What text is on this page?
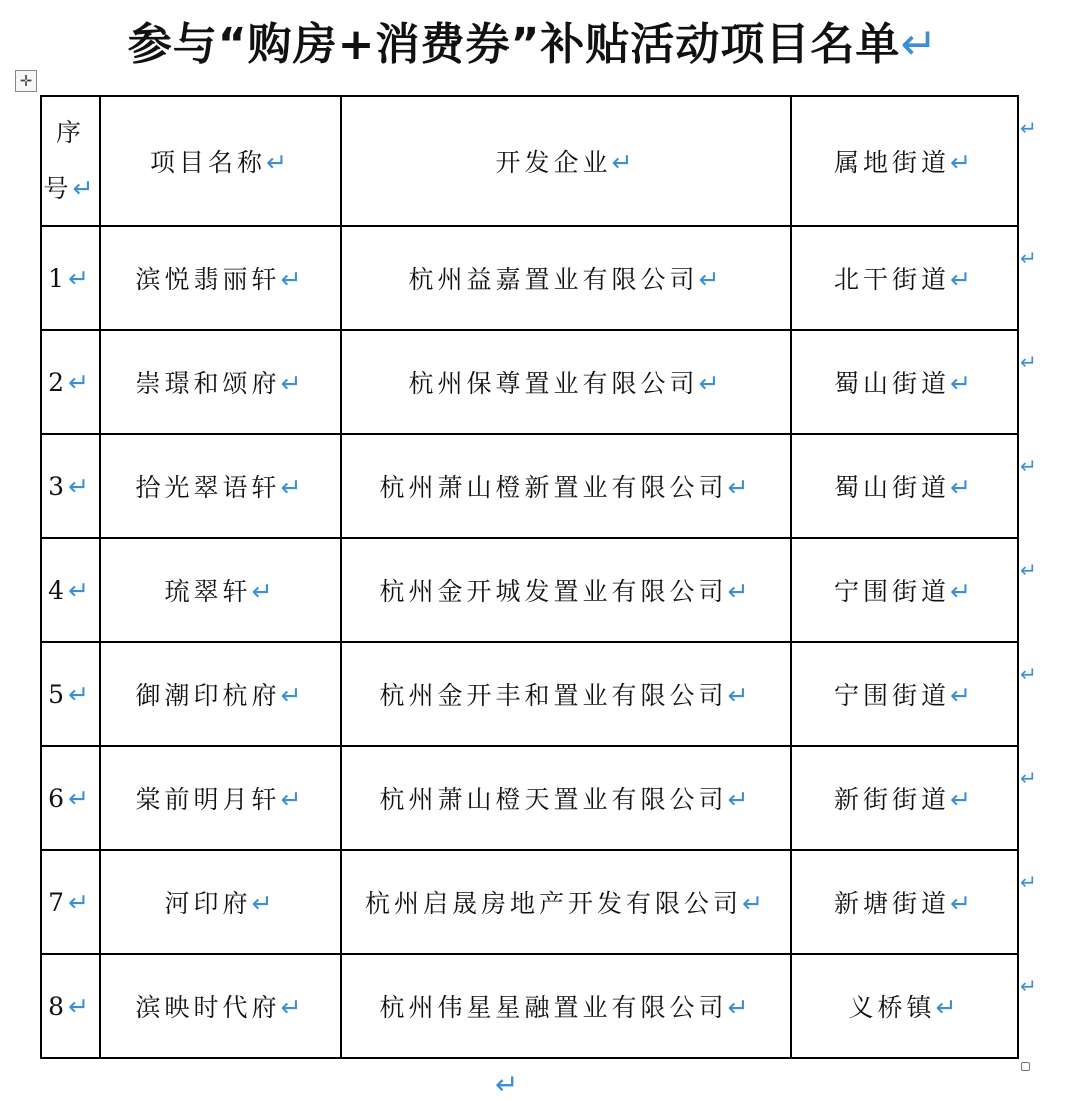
参与“购房+消费券”补贴活动项目名单↵
✛
序
号↵	项目名称↵	开发企业↵	属地街道↵
1↵	滨悦翡丽轩↵	杭州益嘉置业有限公司↵	北干街道↵
2↵	崇璟和颂府↵	杭州保尊置业有限公司↵	蜀山街道↵
3↵	拾光翠语轩↵	杭州萧山橙新置业有限公司↵	蜀山街道↵
4↵	琉翠轩↵	杭州金开城发置业有限公司↵	宁围街道↵
5↵	御潮印杭府↵	杭州金开丰和置业有限公司↵	宁围街道↵
6↵	棠前明月轩↵	杭州萧山橙天置业有限公司↵	新街街道↵
7↵	河印府↵	杭州启晟房地产开发有限公司↵	新塘街道↵
8↵	滨映时代府↵	杭州伟星星融置业有限公司↵	义桥镇↵
↵
↵
↵
↵
↵
↵
↵
↵
↵
↵
